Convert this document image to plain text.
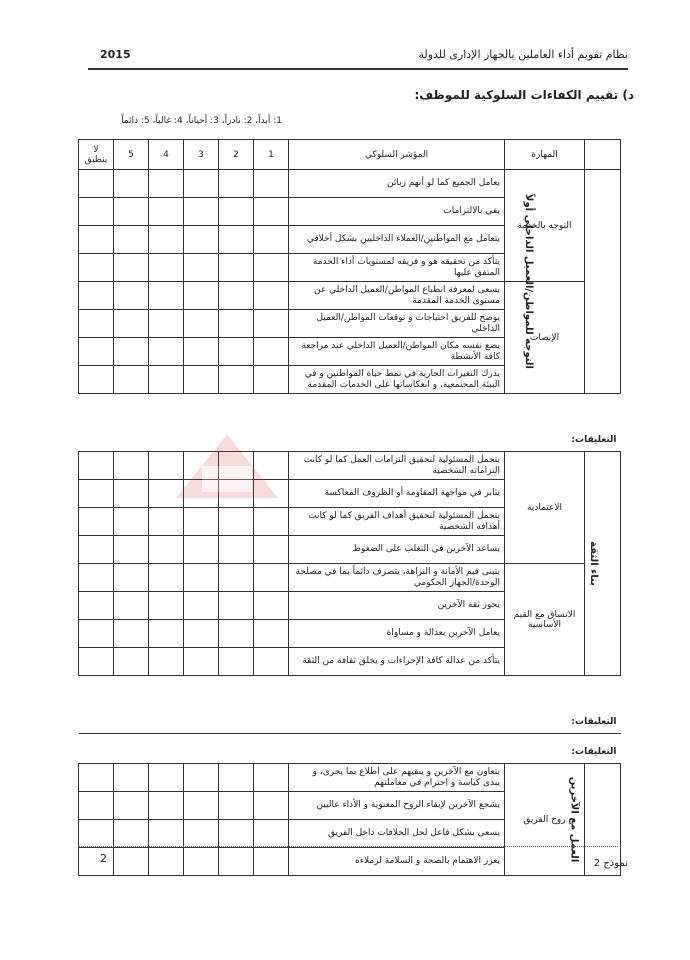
نظام تقويم أداء العاملين بالجهاز الإدارى للدولة
2015
د) تقييم الكفاءات السلوكية للموظف:
1: أبداً، 2: نادراً، 3: أحياناً، 4: غالباً، 5: دائماً
	المهارة	المؤشر السلوكي	1	2	3	4	5	لا ينطبق
التوجه للمواطن/العميل الداخلي أولاً	التوجه بالخدمة	يعامل الجميع كما لو أنهم زبائن						
		يفي بالالتزامات						
		يتعامل مع المواطنين/العملاء الداخليين بشكل أخلاقي						
		يتأكد من تحقيقه هو و فريقه لمستويات أداء الخدمة المتفق عليها						
	الإنصات	يسعى لمعرفة انطباع المواطن/العميل الداخلي عن مستوى الخدمة المقدمة						
		يوضح للفريق احتياجات و توقعات المواطن/العميل الداخلي						
		يضع نفسه مكان المواطن/العميل الداخلي عند مراجعة كافة الأنشطة						
		يدرك التغيرات الجارية في نمط حياة المواطنين و في البيئة المجتمعية، و انعكاساتها على الخدمات المقدمة						
التعليقات:								
بناء الثقة	الاعتمادية	يتحمل المسئولية لتحقيق التزامات العمل كما لو كانت التزاماته الشخصية						
		يثابر في مواجهة المقاومة أو الظروف المعاكسة						
		يتحمل المسئولية لتحقيق أهداف الفريق كما لو كانت أهدافه الشخصية						
		يساعد الآخرين في التغلب على الضغوط						
	الاتساق مع القيم الأساسية	يتبنى قيم الأمانة و النزاهة، يتصرف دائماً بما في مصلحة الوحدة/الجهاز الحكومي						
		يحوز ثقة الآخرين						
		يعامل الآخرين بعدالة و مساواة						
		يتأكد من عدالة كافة الإجراءات و يخلق ثقافة من الثقة						
التعليقات:								
التعليقات:								
العمل مع الآخرين	روح الفريق	يتعاون مع الآخرين و يبقيهم على اطلاع بما يجرى، و يبدى كياسة و احترام في معاملتهم						
		يشجع الآخرين لإبقاء الروح المعنوية و الأداء عاليين						
		يسعى بشكل فاعل لحل الخلافات داخل الفريق						
		يعزز الاهتمام بالصحة و السلامة لزملاءه						
2	نموذج 2
